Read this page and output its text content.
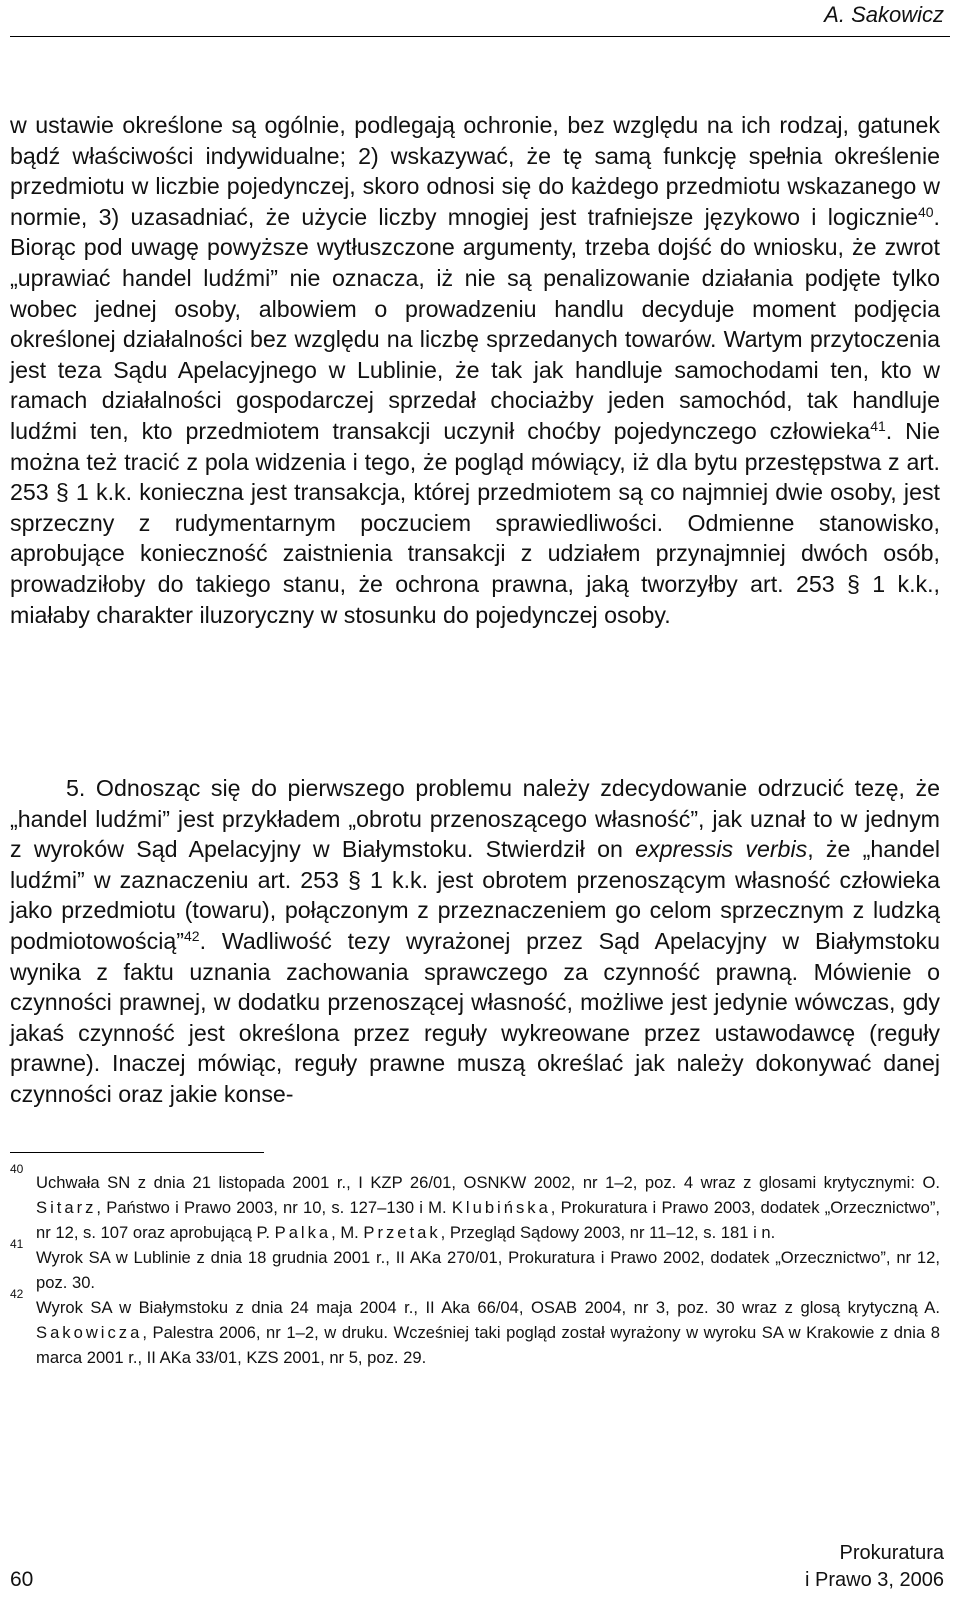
A. Sakowicz

w ustawie określone są ogólnie, podlegają ochronie, bez względu na ich rodzaj, gatunek bądź właściwości indywidualne; 2) wskazywać, że tę samą funkcję spełnia określenie przedmiotu w liczbie pojedynczej, skoro odnosi się do każdego przedmiotu wskazanego w normie, 3) uzasadniać, że użycie liczby mnogiej jest trafniejsze językowo i logicznie$^{40}$. Biorąc pod uwagę powyższe wytłuszczone argumenty, trzeba dojść do wniosku, że zwrot „uprawiać handel ludźmi” nie oznacza, iż nie są penalizowanie działania podjęte tylko wobec jednej osoby, albowiem o prowadzeniu handlu decyduje moment podjęcia określonej działalności bez względu na liczbę sprzedanych towarów. Wartym przytoczenia jest teza Sądu Apelacyjnego w Lublinie, że tak jak handluje samochodami ten, kto w ramach działalności gospodarczej sprzedał chociażby jeden samochód, tak handluje ludźmi ten, kto przedmiotem transakcji uczynił choćby pojedynczego człowieka$^{41}$. Nie można też tracić z pola widzenia i tego, że pogląd mówiący, iż dla bytu przestępstwa z art. 253 § 1 k.k. konieczna jest transakcja, której przedmiotem są co najmniej dwie osoby, jest sprzeczny z rudymentarnym poczuciem sprawiedliwości. Odmienne stanowisko, aprobujące konieczność zaistnienia transakcji z udziałem przynajmniej dwóch osób, prowadziłoby do takiego stanu, że ochrona prawna, jaką tworzyłby art. 253 § 1 k.k., miałaby charakter iluzoryczny w stosunku do pojedynczej osoby.

5. Odnosząc się do pierwszego problemu należy zdecydowanie odrzucić tezę, że „handel ludźmi” jest przykładem „obrotu przenoszącego własność”, jak uznał to w jednym z wyroków Sąd Apelacyjny w Białymstoku. Stwierdził on expressis verbis, że „handel ludźmi” w zaznaczeniu art. 253 § 1 k.k. jest obrotem przenoszącym własność człowieka jako przedmiotu (towaru), połączonym z przeznaczeniem go celom sprzecznym z ludzką podmiotowością”$^{42}$. Wadliwość tezy wyrażonej przez Sąd Apelacyjny w Białymstoku wynika z faktu uznania zachowania sprawczego za czynność prawną. Mówienie o czynności prawnej, w dodatku przenoszącej własność, możliwe jest jedynie wówczas, gdy jakaś czynność jest określona przez reguły wykreowane przez ustawodawcę (reguły prawne). Inaczej mówiąc, reguły prawne muszą określać jak należy dokonywać danej czynności oraz jakie konse-

40
Uchwała SN z dnia 21 listopada 2001 r., I KZP 26/01, OSNKW 2002, nr 1–2, poz. 4 wraz z glosami krytycznymi: O. Sitarz, Państwo i Prawo 2003, nr 10, s. 127–130 i M. Klubińska, Prokuratura i Prawo 2003, dodatek „Orzecznictwo”, nr 12, s. 107 oraz aprobującą P. Palka, M. Przetak, Przegląd Sądowy 2003, nr 11–12, s. 181 i n.

41
Wyrok SA w Lublinie z dnia 18 grudnia 2001 r., II AKa 270/01, Prokuratura i Prawo 2002, dodatek „Orzecznictwo”, nr 12, poz. 30.

42
Wyrok SA w Białymstoku z dnia 24 maja 2004 r., II Aka 66/04, OSAB 2004, nr 3, poz. 30 wraz z glosą krytyczną A. Sakowicza, Palestra 2006, nr 1–2, w druku. Wcześniej taki pogląd został wyrażony w wyroku SA w Krakowie z dnia 8 marca 2001 r., II AKa 33/01, KZS 2001, nr 5, poz. 29.

60
Prokuratura
i Prawo 3, 2006
